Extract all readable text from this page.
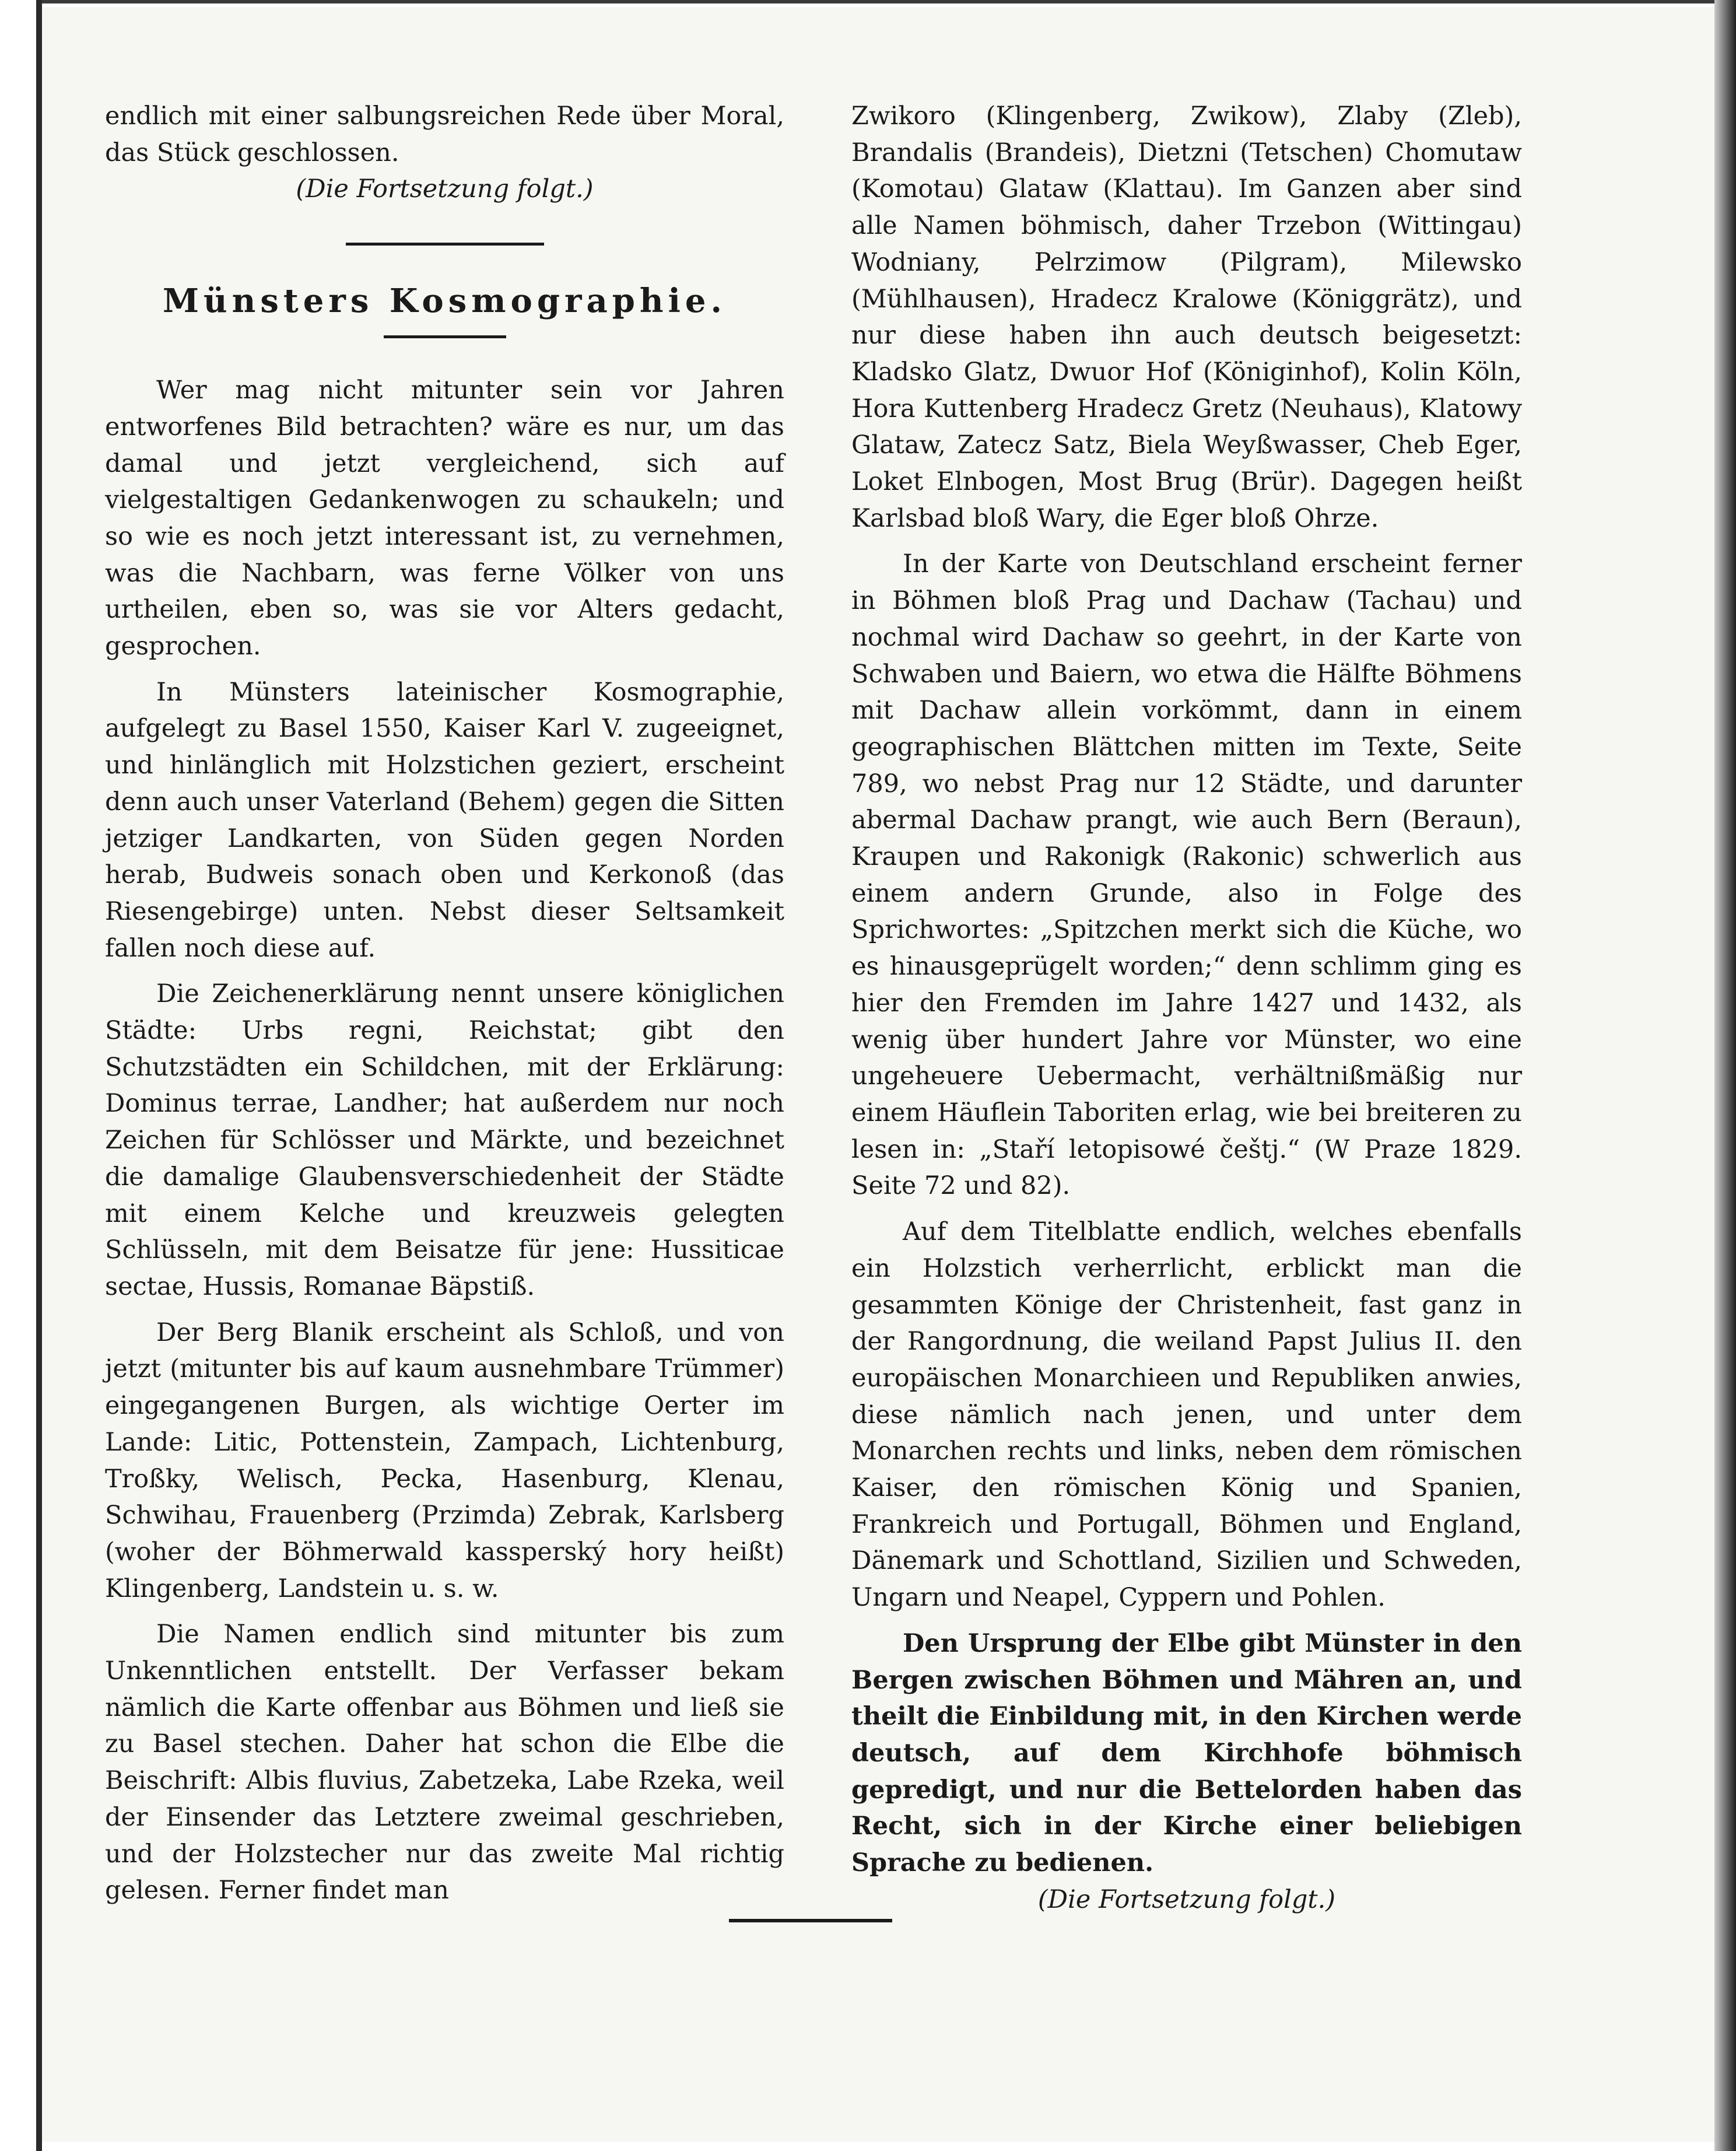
endlich mit einer salbungsreichen Rede über Moral, das Stück geschlossen.

(Die Fortsetzung folgt.)

Münsters Kosmographie.

Wer mag nicht mitunter sein vor Jahren entworfenes Bild betrachten? wäre es nur, um das damal und jetzt vergleichend, sich auf vielgestaltigen Gedankenwogen zu schaukeln; und so wie es noch jetzt interessant ist, zu vernehmen, was die Nachbarn, was ferne Völker von uns urtheilen, eben so, was sie vor Alters gedacht, gesprochen.

In Münsters lateinischer Kosmographie, aufgelegt zu Basel 1550, Kaiser Karl V. zugeeignet, und hinlänglich mit Holzstichen geziert, erscheint denn auch unser Vaterland (Behem) gegen die Sitten jetziger Landkarten, von Süden gegen Norden herab, Budweis sonach oben und Kerkonoß (das Riesengebirge) unten. Nebst dieser Seltsamkeit fallen noch diese auf.

Die Zeichenerklärung nennt unsere königlichen Städte: Urbs regni, Reichstat; gibt den Schutzstädten ein Schildchen, mit der Erklärung: Dominus terrae, Landher; hat außerdem nur noch Zeichen für Schlösser und Märkte, und bezeichnet die damalige Glaubensverschiedenheit der Städte mit einem Kelche und kreuzweis gelegten Schlüsseln, mit dem Beisatze für jene: Hussiticae sectae, Hussis, Romanae Bäpstiß.

Der Berg Blanik erscheint als Schloß, und von jetzt (mitunter bis auf kaum ausnehmbare Trümmer) eingegangenen Burgen, als wichtige Oerter im Lande: Litic, Pottenstein, Zampach, Lichtenburg, Troßky, Welisch, Pecka, Hasenburg, Klenau, Schwihau, Frauenberg (Przimda) Zebrak, Karlsberg (woher der Böhmerwald kassperský hory heißt) Klingenberg, Landstein u. s. w.

Die Namen endlich sind mitunter bis zum Unkenntlichen entstellt. Der Verfasser bekam nämlich die Karte offenbar aus Böhmen und ließ sie zu Basel stechen. Daher hat schon die Elbe die Beischrift: Albis fluvius, Zabetzeka, Labe Rzeka, weil der Einsender das Letztere zweimal geschrieben, und der Holzstecher nur das zweite Mal richtig gelesen. Ferner findet man

Zwikoro (Klingenberg, Zwikow), Zlaby (Zleb), Brandalis (Brandeis), Dietzni (Tetschen) Chomutaw (Komotau) Glataw (Klattau). Im Ganzen aber sind alle Namen böhmisch, daher Trzebon (Wittingau) Wodniany, Pelrzimow (Pilgram), Milewsko (Mühlhausen), Hradecz Kralowe (Königgrätz), und nur diese haben ihn auch deutsch beigesetzt: Kladsko Glatz, Dwuor Hof (Königinhof), Kolin Köln, Hora Kuttenberg Hradecz Gretz (Neuhaus), Klatowy Glataw, Zatecz Satz, Biela Weyßwasser, Cheb Eger, Loket Elnbogen, Most Brug (Brür). Dagegen heißt Karlsbad bloß Wary, die Eger bloß Ohrze.

In der Karte von Deutschland erscheint ferner in Böhmen bloß Prag und Dachaw (Tachau) und nochmal wird Dachaw so geehrt, in der Karte von Schwaben und Baiern, wo etwa die Hälfte Böhmens mit Dachaw allein vorkömmt, dann in einem geographischen Blättchen mitten im Texte, Seite 789, wo nebst Prag nur 12 Städte, und darunter abermal Dachaw prangt, wie auch Bern (Beraun), Kraupen und Rakonigk (Rakonic) schwerlich aus einem andern Grunde, also in Folge des Sprichwortes: „Spitzchen merkt sich die Küche, wo es hinausgeprügelt worden;“ denn schlimm ging es hier den Fremden im Jahre 1427 und 1432, als wenig über hundert Jahre vor Münster, wo eine ungeheuere Uebermacht, verhältnißmäßig nur einem Häuflein Taboriten erlag, wie bei breiteren zu lesen in: „Staří letopisowé češtj.“ (W Praze 1829. Seite 72 und 82).

Auf dem Titelblatte endlich, welches ebenfalls ein Holzstich verherrlicht, erblickt man die gesammten Könige der Christenheit, fast ganz in der Rangordnung, die weiland Papst Julius II. den europäischen Monarchieen und Republiken anwies, diese nämlich nach jenen, und unter dem Monarchen rechts und links, neben dem römischen Kaiser, den römischen König und Spanien, Frankreich und Portugall, Böhmen und England, Dänemark und Schottland, Sizilien und Schweden, Ungarn und Neapel, Cyppern und Pohlen.

Den Ursprung der Elbe gibt Münster in den Bergen zwischen Böhmen und Mähren an, und theilt die Einbildung mit, in den Kirchen werde deutsch, auf dem Kirchhofe böhmisch gepredigt, und nur die Bettelorden haben das Recht, sich in der Kirche einer beliebigen Sprache zu bedienen.

(Die Fortsetzung folgt.)
